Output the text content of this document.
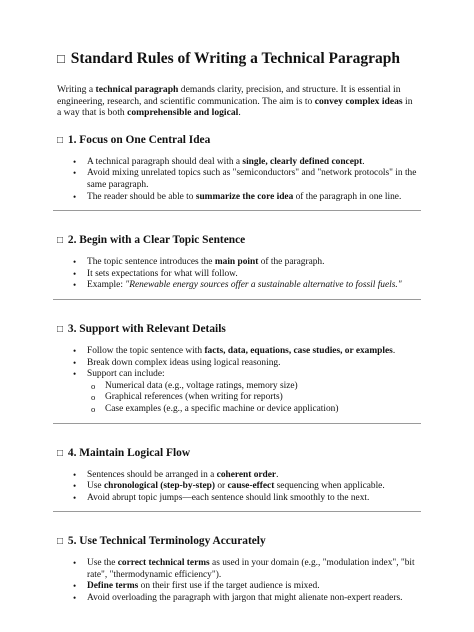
□ Standard Rules of Writing a Technical Paragraph

Writing a technical paragraph demands clarity, precision, and structure. It is essential in engineering, research, and scientific communication. The aim is to convey complex ideas in a way that is both comprehensible and logical.

□ 1. Focus on One Central Idea
• A technical paragraph should deal with a single, clearly defined concept.
• Avoid mixing unrelated topics such as "semiconductors" and "network protocols" in the same paragraph.
• The reader should be able to summarize the core idea of the paragraph in one line.
□ 2. Begin with a Clear Topic Sentence
• The topic sentence introduces the main point of the paragraph.
• It sets expectations for what will follow.
• Example: "Renewable energy sources offer a sustainable alternative to fossil fuels."
□ 3. Support with Relevant Details
• Follow the topic sentence with facts, data, equations, case studies, or examples.
• Break down complex ideas using logical reasoning.
• Support can include:
o Numerical data (e.g., voltage ratings, memory size)
o Graphical references (when writing for reports)
o Case examples (e.g., a specific machine or device application)
□ 4. Maintain Logical Flow
• Sentences should be arranged in a coherent order.
• Use chronological (step-by-step) or cause-effect sequencing when applicable.
• Avoid abrupt topic jumps—each sentence should link smoothly to the next.
□ 5. Use Technical Terminology Accurately
• Use the correct technical terms as used in your domain (e.g., "modulation index", "bit rate", "thermodynamic efficiency").
• Define terms on their first use if the target audience is mixed.
• Avoid overloading the paragraph with jargon that might alienate non-expert readers.
